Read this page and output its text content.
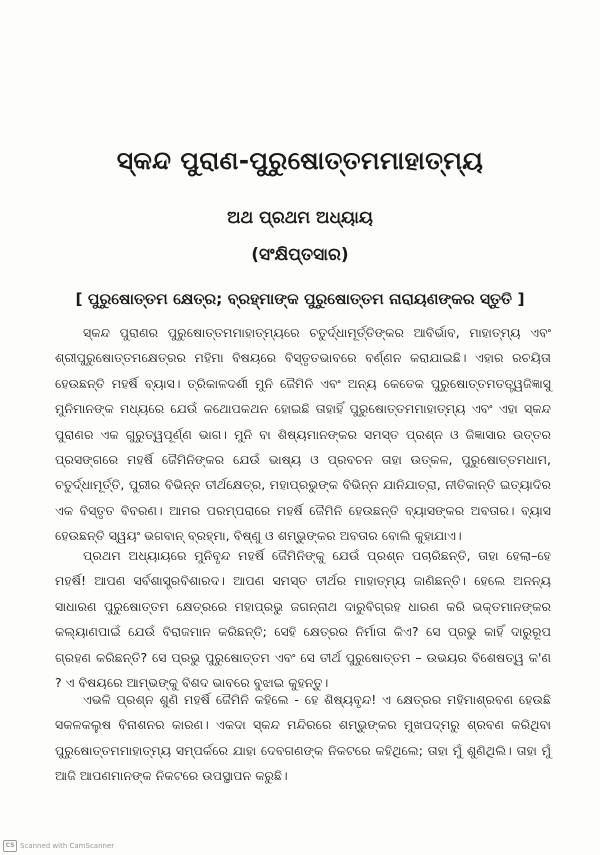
ସ୍କନ୍ଦ ପୁରାଣ-ପୁରୁଷୋତ୍ତମମାହାତ୍ମ୍ୟ
ଅଥ ପ୍ରଥମ ଅଧ୍ୟାୟ
(ସଂକ୍ଷିପ୍ତସାର)
[ ପୁରୁଷୋତ୍ତମ କ୍ଷେତ୍ର; ବ୍ରହ୍ମାଙ୍କ ପୁରୁଷୋତ୍ତମ ନାରାୟଣଙ୍କର ସ୍ତୁତି ]

ସ୍କନ୍ଦ ପୁରାଣର ପୁରୁଷୋତ୍ତମମାହାତ୍ମ୍ୟରେ ଚତୁର୍ଦ୍ଧାମୂର୍ତ୍ତିଙ୍କର ଆବିର୍ଭାବ, ମାହାତ୍ମ୍ୟ ଏବଂ ଶ୍ରୀପୁରୁଷୋତ୍ତମକ୍ଷେତ୍ରର ମହିମା ବିଷୟରେ ବିସ୍ତୃତଭାବରେ ବର୍ଣ୍ଣନ କରାଯାଇଛି। ଏହାର ରଚୟିତା ହେଉଛନ୍ତି ମହର୍ଷି ବ୍ୟାସ। ତ୍ରିକାଳଦର୍ଶୀ ମୁନି ଜୈମିନି ଏବଂ ଅନ୍ୟ କେତେକ ପୁରୁଷୋତ୍ତମତତ୍ତ୍ୱଜିଜ୍ଞାସୁ ମୁନିମାନଙ୍କ ମଧ୍ୟରେ ଯେଉଁ କଥୋପକଥନ ହୋଇଛି ତାହାହିଁ ପୁରୁଷୋତ୍ତମମାହାତ୍ମ୍ୟ ଏବଂ ଏହା ସ୍କନ୍ଦ ପୁରାଣର ଏକ ଗୁରୁତ୍ୱପୂର୍ଣ୍ଣ ଭାଗ। ମୁନି ବା ଶିଷ୍ୟମାନଙ୍କର ସମସ୍ତ ପ୍ରଶ୍ନ ଓ ଜିଜ୍ଞାସାର ଉତ୍ତର ପ୍ରସଙ୍ଗରେ ମହର୍ଷି ଜୈମିନିଙ୍କର ଯେଉଁ ଭାଷ୍ୟ ଓ ପ୍ରବଚନ ତାହା ଉତ୍କଳ, ପୁରୁଷୋତ୍ତମଧାମ, ଚତୁର୍ଦ୍ଧାମୂର୍ତ୍ତି, ପୁରୀର ବିଭିନ୍ନ ତୀର୍ଥକ୍ଷେତ୍ର, ମହାପ୍ରଭୁଙ୍କ ବିଭିନ୍ନ ଯାନିଯାତ୍ରା, ନୀତିକାନ୍ତି ଇତ୍ୟାଦିର ଏକ ବିସ୍ତୃତ ବିବରଣ। ଆମର ପରମ୍ପରାରେ ମହର୍ଷି ଜୈମିନି ହେଉଛନ୍ତି ବ୍ୟାସଙ୍କର ଅବତାର। ବ୍ୟାସ ହେଉଛନ୍ତି ସ୍ୱୟଂ ଭଗବାନ୍ ବ୍ରହ୍ମା, ବିଷ୍ଣୁ ଓ ଶମ୍ଭୁଙ୍କର ଅବତାର ବୋଲି କୁହାଯାଏ।

ପ୍ରଥମ ଅଧ୍ୟାୟରେ ମୁନିବୃନ୍ଦ ମହର୍ଷି ଜୈମିନିଙ୍କୁ ଯେଉଁ ପ୍ରଶ୍ନ ପଚାରିଛନ୍ତି, ତାହା ହେଲା–ହେ ମହର୍ଷି! ଆପଣ ସର୍ବଶାସ୍ତ୍ରବିଶାରଦ। ଆପଣ ସମସ୍ତ ତୀର୍ଥର ମାହାତ୍ମ୍ୟ ଜାଣିଛନ୍ତି। ହେଲେ ଅନନ୍ୟ ସାଧାରଣ ପୁରୁଷୋତ୍ତମ କ୍ଷେତ୍ରରେ ମହାପ୍ରଭୁ ଜଗନ୍ନାଥ ଦାରୁବିଗ୍ରହ ଧାରଣ କରି ଭକ୍ତମାନଙ୍କର କଲ୍ୟାଣପାଇଁ ଯେଉଁ ବିରାଜମାନ କରିଛନ୍ତି; ସେହି କ୍ଷେତ୍ରର ନିର୍ମାତା କିଏ? ସେ ପ୍ରଭୁ କାହିଁ ଦାରୁରୂପ ଗ୍ରହଣ କରିଛନ୍ତି? ସେ ପ୍ରଭୁ ପୁରୁଷୋତ୍ତମ ଏବଂ ସେ ତୀର୍ଥ ପୁରୁଷୋତ୍ତମ – ଉଭୟର ବିଶେଷତ୍ୱ କ'ଣ ? ଏ ବିଷୟରେ ଆମ୍ଭଙ୍କୁ ବିଶଦ ଭାବରେ ବୁଝାଇ କୁହନ୍ତୁ।

ଏଭଳି ପ୍ରଶ୍ନ ଶୁଣି ମହର୍ଷି ଜୈମିନି କହିଲେ - ହେ ଶିଷ୍ୟବୃନ୍ଦ! ଏ କ୍ଷେତ୍ରର ମହିମାଶ୍ରବଣ ହେଉଛି ସକଳକଲୁଷ ବିନାଶନର କାରଣ। ଏକଦା ସ୍କନ୍ଦ ମନ୍ଦିରରେ ଶମ୍ଭୁଙ୍କର ମୁଖପଦ୍ମରୁ ଶ୍ରବଣ କରିଥିବା ପୁରୁଷୋତ୍ତମମାହାତ୍ମ୍ୟ ସମ୍ପର୍କରେ ଯାହା ଦେବଗଣଙ୍କ ନିକଟରେ କହିଥିଲେ; ତାହା ମୁଁ ଶୁଣିଥିଲି। ତାହା ମୁଁ ଆଜି ଆପଣମାନଙ୍କ ନିକଟରେ ଉପସ୍ଥାପନ କରୁଛି।

CS Scanned with CamScanner
